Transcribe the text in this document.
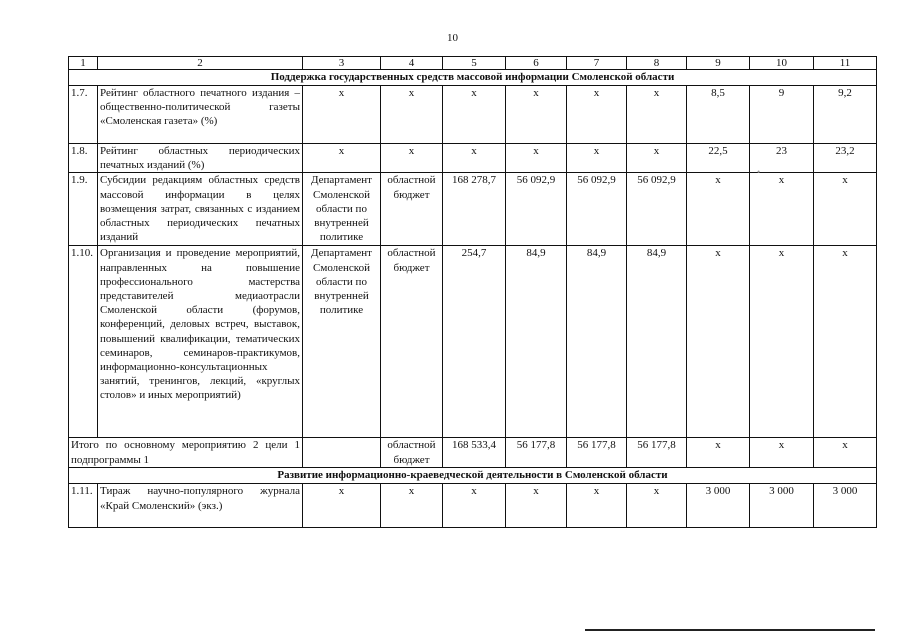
10
1	2	3	4	5	6	7	8	9	10	11
Поддержка государственных средств массовой информации Смоленской области										
1.7.	Рейтинг областного печатного издания – общественно-политической газеты «Смоленская газета» (%)	х	х	х	х	х	х	8,5	9	9,2
1.8.	Рейтинг областных периодических печатных изданий (%)	х	х	х	х	х	х	22,5	23	23,2
1.9.	Субсидии редакциям областных средств массовой информации в целях возмещения затрат, связанных с изданием областных периодических печатных изданий	Департамент Смоленской области по внутренней политике	областной бюджет	168 278,7	56 092,9	56 092,9	56 092,9	х	х	х
1.10.	Организация и проведение мероприятий, направленных на повышение профессионального мастерства представителей медиаотрасли Смоленской области (форумов, конференций, деловых встреч, выставок, повышений квалификации, тематических семинаров, семинаров-практикумов, информационно-консультационных занятий, тренингов, лекций, «круглых столов» и иных мероприятий)	Департамент Смоленской области по внутренней политике	областной бюджет	254,7	84,9	84,9	84,9	х	х	х
Итого по основному мероприятию 2 цели 1 подпрограммы 1			областной бюджет	168 533,4	56 177,8	56 177,8	56 177,8	х	х	х
Развитие информационно-краеведческой деятельности в Смоленской области										
1.11.	Тираж научно-популярного журнала «Край Смоленский» (экз.)	х	х	х	х	х	х	3 000	3 000	3 000
•
